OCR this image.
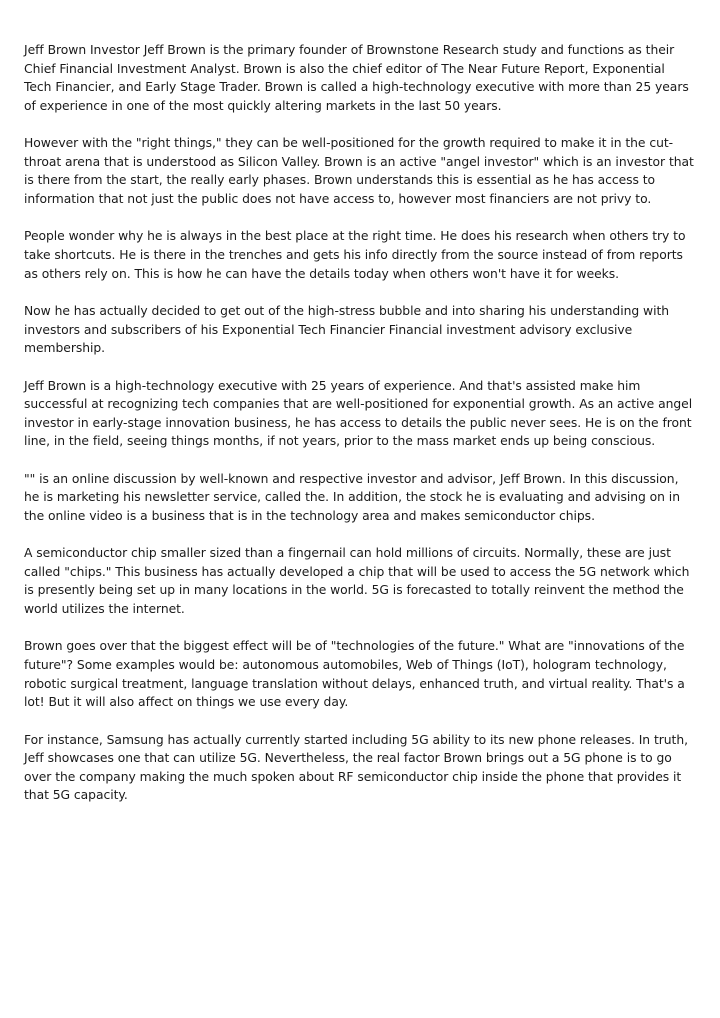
Jeff Brown Investor Jeff Brown is the primary founder of Brownstone Research study and functions as their Chief Financial Investment Analyst. Brown is also the chief editor of The Near Future Report, Exponential Tech Financier, and Early Stage Trader. Brown is called a high-technology executive with more than 25 years of experience in one of the most quickly altering markets in the last 50 years.

However with the "right things," they can be well-positioned for the growth required to make it in the cut-throat arena that is understood as Silicon Valley. Brown is an active "angel investor" which is an investor that is there from the start, the really early phases. Brown understands this is essential as he has access to information that not just the public does not have access to, however most financiers are not privy to.

People wonder why he is always in the best place at the right time. He does his research when others try to take shortcuts. He is there in the trenches and gets his info directly from the source instead of from reports as others rely on. This is how he can have the details today when others won't have it for weeks.

Now he has actually decided to get out of the high-stress bubble and into sharing his understanding with investors and subscribers of his Exponential Tech Financier Financial investment advisory exclusive membership.

Jeff Brown is a high-technology executive with 25 years of experience. And that's assisted make him successful at recognizing tech companies that are well-positioned for exponential growth. As an active angel investor in early-stage innovation business, he has access to details the public never sees. He is on the front line, in the field, seeing things months, if not years, prior to the mass market ends up being conscious.

"" is an online discussion by well-known and respective investor and advisor, Jeff Brown. In this discussion, he is marketing his newsletter service, called the. In addition, the stock he is evaluating and advising on in the online video is a business that is in the technology area and makes semiconductor chips.

A semiconductor chip smaller sized than a fingernail can hold millions of circuits. Normally, these are just called "chips." This business has actually developed a chip that will be used to access the 5G network which is presently being set up in many locations in the world. 5G is forecasted to totally reinvent the method the world utilizes the internet.

Brown goes over that the biggest effect will be of "technologies of the future." What are "innovations of the future"? Some examples would be: autonomous automobiles, Web of Things (IoT), hologram technology, robotic surgical treatment, language translation without delays, enhanced truth, and virtual reality. That's a lot! But it will also affect on things we use every day.

For instance, Samsung has actually currently started including 5G ability to its new phone releases. In truth, Jeff showcases one that can utilize 5G. Nevertheless, the real factor Brown brings out a 5G phone is to go over the company making the much spoken about RF semiconductor chip inside the phone that provides it that 5G capacity.
